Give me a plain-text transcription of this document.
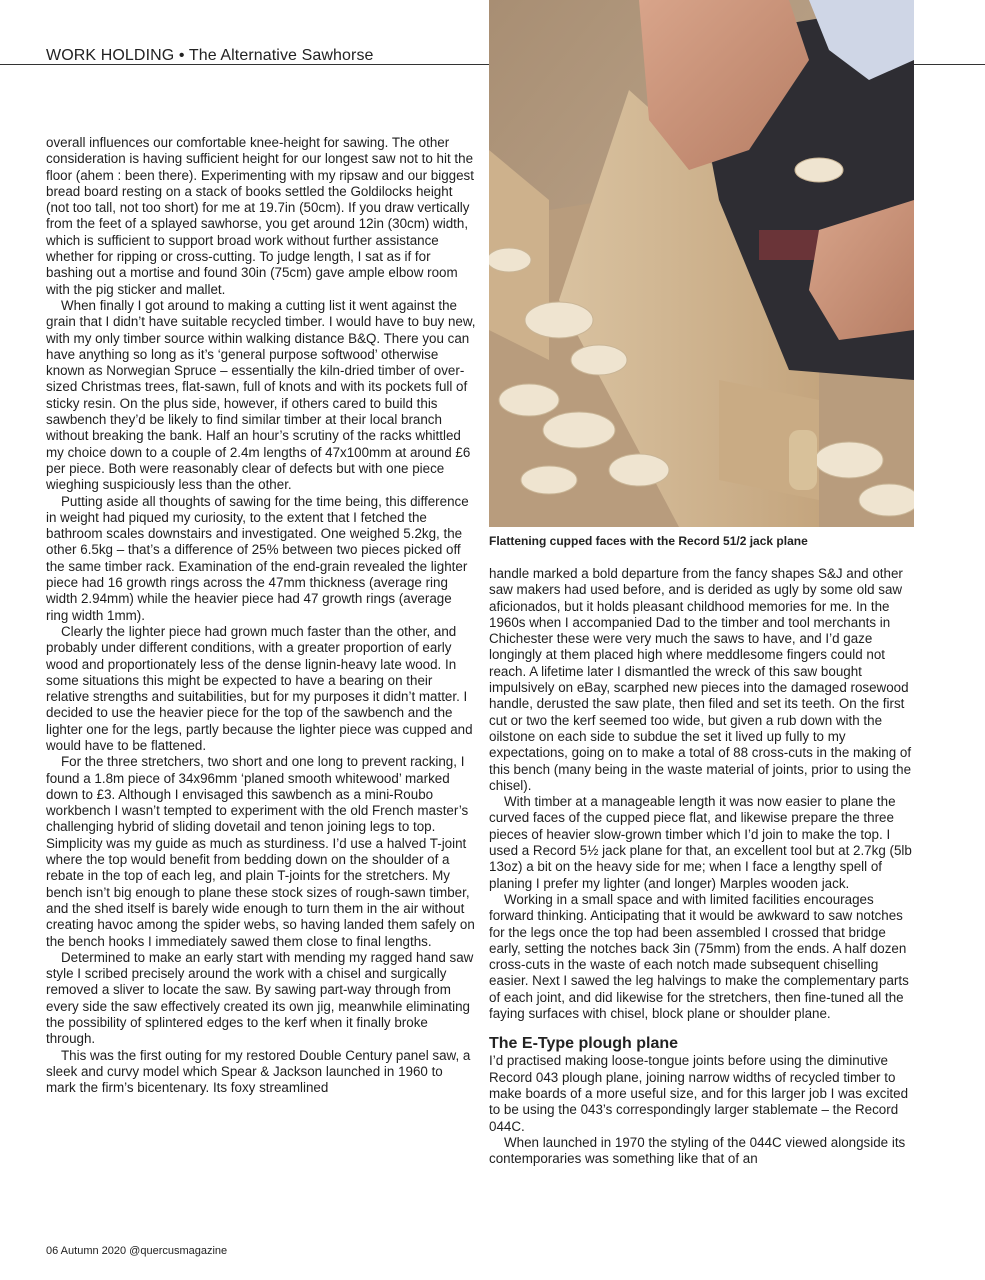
WORK HOLDING • The Alternative Sawhorse
Flattening cupped faces with the Record 51/2 jack plane

overall influences our comfortable knee-height for sawing. The other consideration is having sufficient height for our longest saw not to hit the floor (ahem : been there). Experimenting with my ripsaw and our biggest bread board resting on a stack of books settled the Goldilocks height (not too tall, not too short) for me at 19.7in (50cm). If you draw vertically from the feet of a splayed sawhorse, you get around 12in (30cm) width, which is sufficient to support broad work without further assistance whether for ripping or cross-cutting. To judge length, I sat as if for bashing out a mortise and found 30in (75cm) gave ample elbow room with the pig sticker and mallet.

When finally I got around to making a cutting list it went against the grain that I didn’t have suitable recycled timber. I would have to buy new, with my only timber source within walking distance B&Q. There you can have anything so long as it’s ‘general purpose softwood’ otherwise known as Norwegian Spruce – essentially the kiln-dried timber of over-sized Christmas trees, flat-sawn, full of knots and with its pockets full of sticky resin. On the plus side, however, if others cared to build this sawbench they’d be likely to find similar timber at their local branch without breaking the bank. Half an hour’s scrutiny of the racks whittled my choice down to a couple of 2.4m lengths of 47x100mm at around £6 per piece. Both were reasonably clear of defects but with one piece wieghing suspiciously less than the other.

Putting aside all thoughts of sawing for the time being, this difference in weight had piqued my curiosity, to the extent that I fetched the bathroom scales downstairs and investigated. One weighed 5.2kg, the other 6.5kg – that’s a difference of 25% between two pieces picked off the same timber rack. Examination of the end-grain revealed the lighter piece had 16 growth rings across the 47mm thickness (average ring width 2.94mm) while the heavier piece had 47 growth rings (average ring width 1mm).

Clearly the lighter piece had grown much faster than the other, and probably under different conditions, with a greater proportion of early wood and proportionately less of the dense lignin-heavy late wood. In some situations this might be expected to have a bearing on their relative strengths and suitabilities, but for my purposes it didn’t matter. I decided to use the heavier piece for the top of the sawbench and the lighter one for the legs, partly because the lighter piece was cupped and would have to be flattened.

For the three stretchers, two short and one long to prevent racking, I found a 1.8m piece of 34x96mm ‘planed smooth whitewood’ marked down to £3. Although I envisaged this sawbench as a mini-Roubo workbench I wasn’t tempted to experiment with the old French master’s challenging hybrid of sliding dovetail and tenon joining legs to top. Simplicity was my guide as much as sturdiness. I’d use a halved T-joint where the top would benefit from bedding down on the shoulder of a rebate in the top of each leg, and plain T-joints for the stretchers. My bench isn’t big enough to plane these stock sizes of rough-sawn timber, and the shed itself is barely wide enough to turn them in the air without creating havoc among the spider webs, so having landed them safely on the bench hooks I immediately sawed them close to final lengths.

Determined to make an early start with mending my ragged hand saw style I scribed precisely around the work with a chisel and surgically removed a sliver to locate the saw. By sawing part-way through from every side the saw effectively created its own jig, meanwhile eliminating the possibility of splintered edges to the kerf when it finally broke through.

This was the first outing for my restored Double Century panel saw, a sleek and curvy model which Spear & Jackson launched in 1960 to mark the firm’s bicentenary. Its foxy streamlined

handle marked a bold departure from the fancy shapes S&J and other saw makers had used before, and is derided as ugly by some old saw aficionados, but it holds pleasant childhood memories for me. In the 1960s when I accompanied Dad to the timber and tool merchants in Chichester these were very much the saws to have, and I’d gaze longingly at them placed high where meddlesome fingers could not reach. A lifetime later I dismantled the wreck of this saw bought impulsively on eBay, scarphed new pieces into the damaged rosewood handle, derusted the saw plate, then filed and set its teeth. On the first cut or two the kerf seemed too wide, but given a rub down with the oilstone on each side to subdue the set it lived up fully to my expectations, going on to make a total of 88 cross-cuts in the making of this bench (many being in the waste material of joints, prior to using the chisel).

With timber at a manageable length it was now easier to plane the curved faces of the cupped piece flat, and likewise prepare the three pieces of heavier slow-grown timber which I’d join to make the top. I used a Record 5½ jack plane for that, an excellent tool but at 2.7kg (5lb 13oz) a bit on the heavy side for me; when I face a lengthy spell of planing I prefer my lighter (and longer) Marples wooden jack.

Working in a small space and with limited facilities encourages forward thinking. Anticipating that it would be awkward to saw notches for the legs once the top had been assembled I crossed that bridge early, setting the notches back 3in (75mm) from the ends. A half dozen cross-cuts in the waste of each notch made subsequent chiselling easier. Next I sawed the leg halvings to make the complementary parts of each joint, and did likewise for the stretchers, then fine-tuned all the faying surfaces with chisel, block plane or shoulder plane.

The E-Type plough plane

I’d practised making loose-tongue joints before using the diminutive Record 043 plough plane, joining narrow widths of recycled timber to make boards of a more useful size, and for this larger job I was excited to be using the 043’s correspondingly larger stablemate – the Record 044C.

When launched in 1970 the styling of the 044C viewed alongside its contemporaries was something like that of an

06 Autumn 2020 @quercusmagazine
